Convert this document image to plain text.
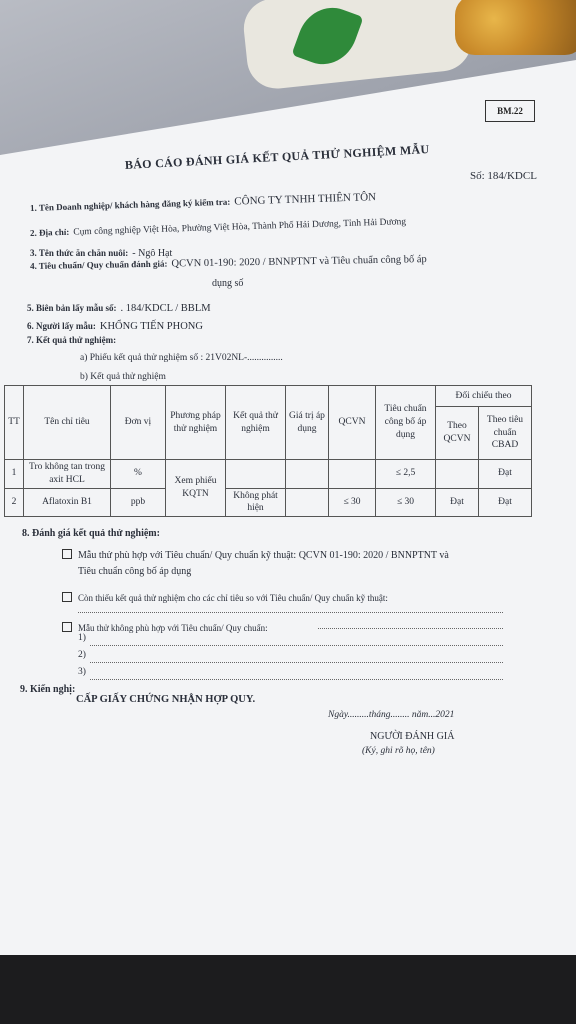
BM.22
BÁO CÁO ĐÁNH GIÁ KẾT QUẢ THỬ NGHIỆM MẪU
Số: 184/KDCL
1. Tên Doanh nghiệp/ khách hàng đăng ký kiểm tra: CÔNG TY TNHH THIÊN TÔN
2. Địa chỉ: Cụm công nghiệp Việt Hòa, Phường Việt Hòa, Thành Phố Hải Dương, Tỉnh Hải Dương
3. Tên thức ăn chăn nuôi: - Ngô Hạt
4. Tiêu chuẩn/ Quy chuẩn đánh giá: QCVN 01-190: 2020 / BNNPTNT và Tiêu chuẩn công bố áp
dụng số
5. Biên bản lấy mẫu số: . 184/KDCL / BBLM
6. Người lấy mẫu: KHỔNG TIẾN PHONG
7. Kết quả thử nghiệm:
a) Phiếu kết quả thử nghiệm số : 21V02NL-...............
b) Kết quả thử nghiệm
TT	Tên chỉ tiêu	Đơn vị	Phương pháp thử nghiệm	Kết quả thử nghiệm	Giá trị áp dụng	QCVN	Tiêu chuẩn công bố áp dụng	Đối chiếu theo	
								Theo QCVN	Theo tiêu chuẩn CBAD
1	Tro không tan trong axit HCL	%	Xem phiếu KQTN				≤ 2,5		Đạt
2	Aflatoxin B1	ppb		Không phát hiện		≤ 30	≤ 30	Đạt	Đạt
8. Đánh giá kết quả thử nghiệm:
Mẫu thử phù hợp với Tiêu chuẩn/ Quy chuẩn kỹ thuật: QCVN 01-190: 2020 / BNNPTNT và
Tiêu chuẩn công bố áp dụng
Còn thiếu kết quả thử nghiệm cho các chỉ tiêu so với Tiêu chuẩn/ Quy chuẩn kỹ thuật:
Mẫu thử không phù hợp với Tiêu chuẩn/ Quy chuẩn:
1)
2)
3)
9. Kiến nghị:
CẤP GIẤY CHỨNG NHẬN HỢP QUY.
Ngày.........tháng........ năm...2021
NGƯỜI ĐÁNH GIÁ
(Ký, ghi rõ họ, tên)
